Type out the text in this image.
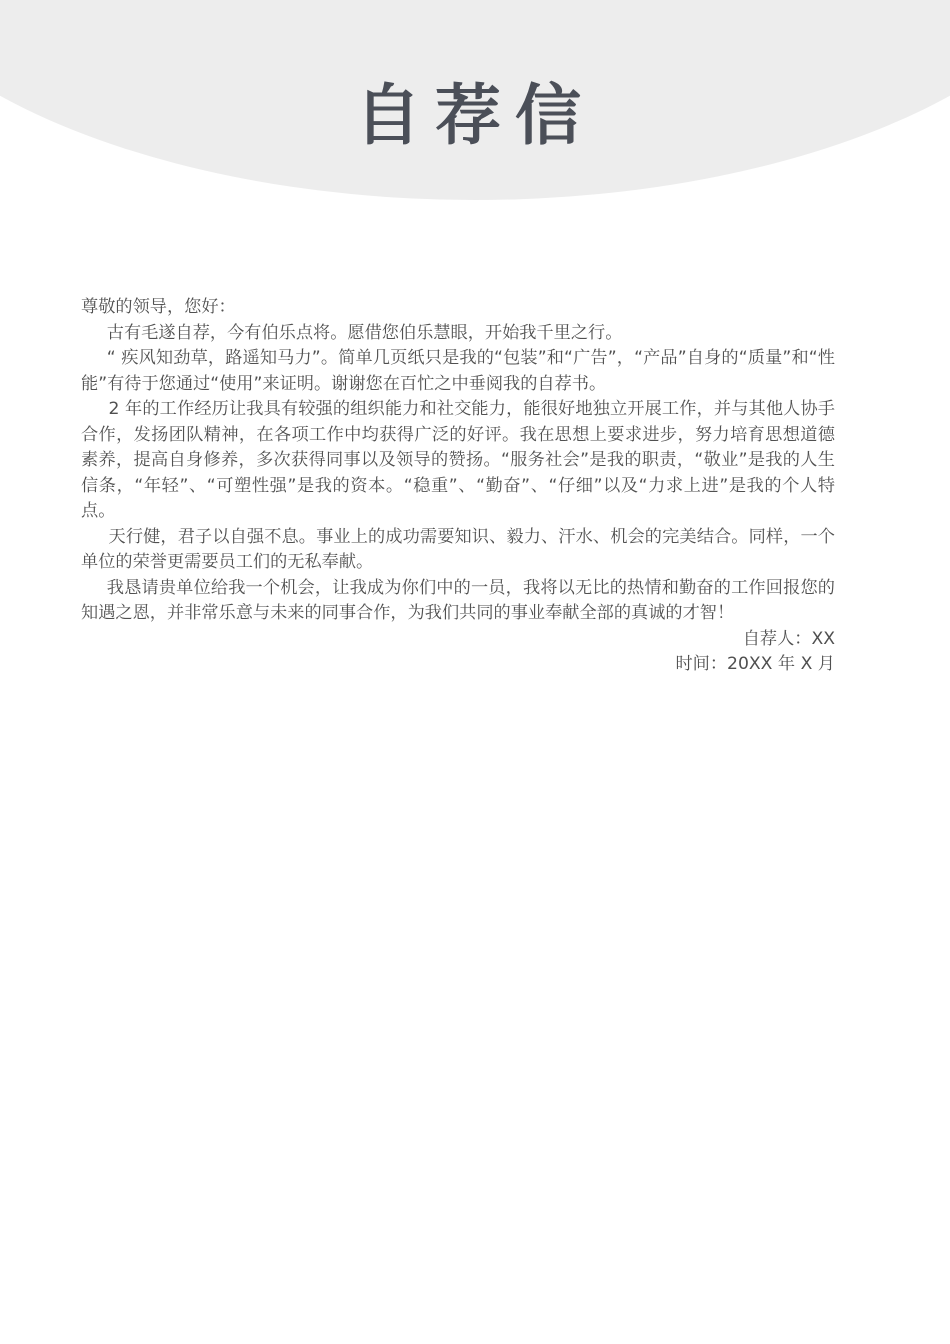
自荐信

尊敬的领导，您好：

古有毛遂自荐，今有伯乐点将。愿借您伯乐慧眼，开始我千里之行。

“ 疾风知劲草，路遥知马力”。简单几页纸只是我的“包装”和“广告”，“产品”自身的“质量”和“性能”有待于您通过“使用”来证明。谢谢您在百忙之中垂阅我的自荐书。

2 年的工作经历让我具有较强的组织能力和社交能力，能很好地独立开展工作，并与其他人协手合作，发扬团队精神，在各项工作中均获得广泛的好评。我在思想上要求进步，努力培育思想道德素养，提高自身修养，多次获得同事以及领导的赞扬。“服务社会”是我的职责，“敬业”是我的人生信条，“年轻”、“可塑性强”是我的资本。“稳重”、“勤奋”、“仔细”以及“力求上进”是我的个人特点。

天行健，君子以自强不息。事业上的成功需要知识、毅力、汗水、机会的完美结合。同样，一个单位的荣誉更需要员工们的无私奉献。

我恳请贵单位给我一个机会，让我成为你们中的一员，我将以无比的热情和勤奋的工作回报您的知遇之恩，并非常乐意与未来的同事合作，为我们共同的事业奉献全部的真诚的才智！

自荐人：XX

时间：20XX 年 X 月
